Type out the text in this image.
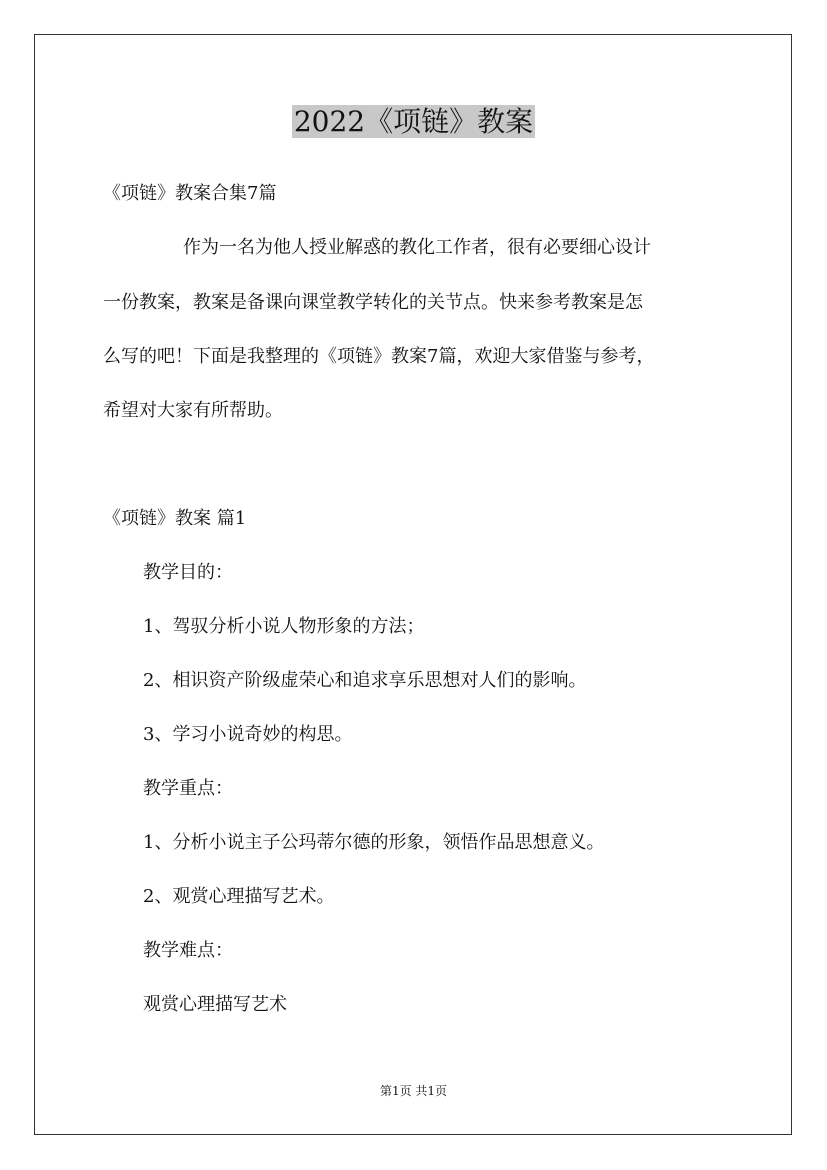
2022《项链》教案

《项链》教案合集7篇

作为一名为他人授业解惑的教化工作者，很有必要细心设计

一份教案，教案是备课向课堂教学转化的关节点。快来参考教案是怎

么写的吧！下面是我整理的《项链》教案7篇，欢迎大家借鉴与参考，

希望对大家有所帮助。

《项链》教案 篇1

教学目的：

1、驾驭分析小说人物形象的方法；

2、相识资产阶级虚荣心和追求享乐思想对人们的影响。

3、学习小说奇妙的构思。

教学重点：

1、分析小说主子公玛蒂尔德的形象，领悟作品思想意义。

2、观赏心理描写艺术。

教学难点：

观赏心理描写艺术

第1页 共1页
